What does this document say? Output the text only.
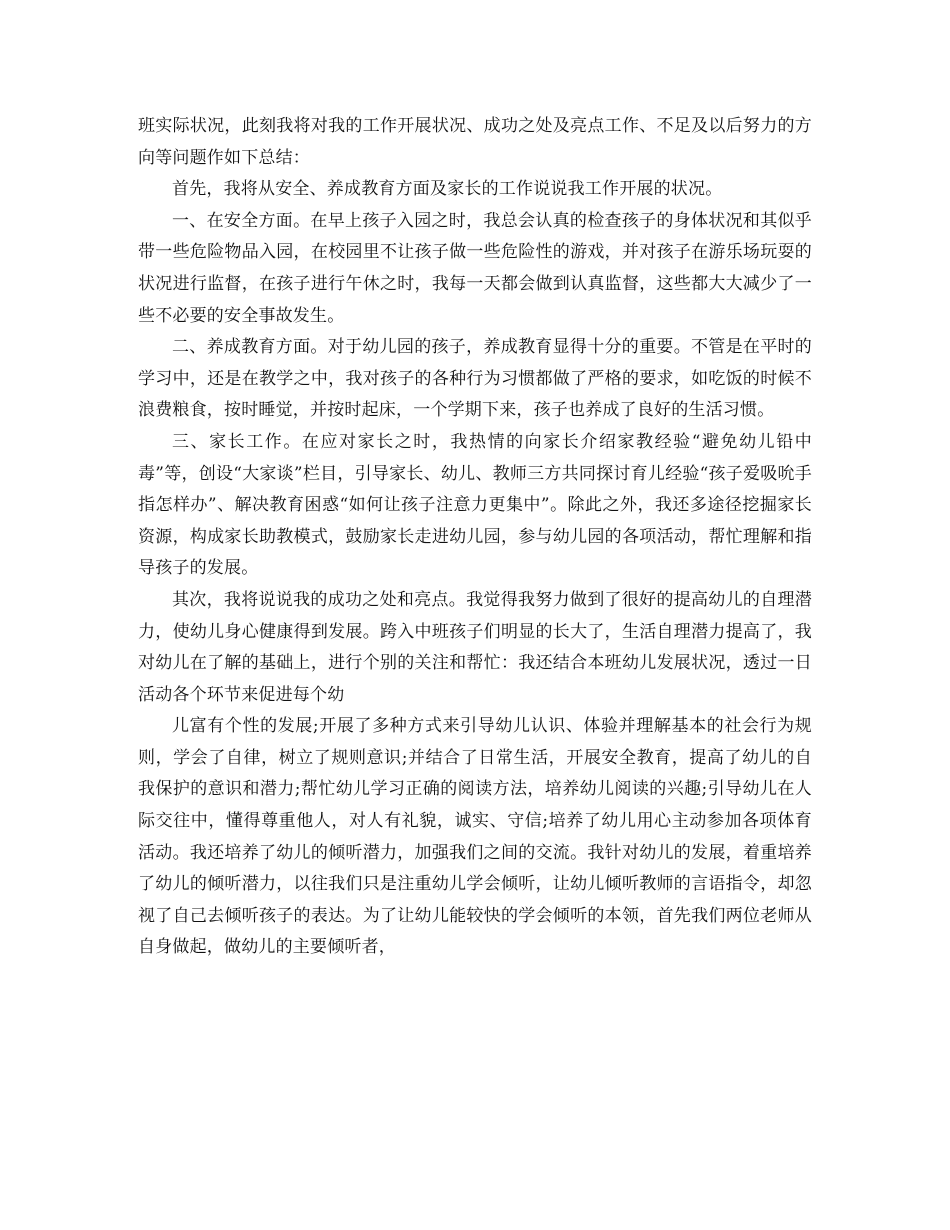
班实际状况，此刻我将对我的工作开展状况、成功之处及亮点工作、不足及以后努力的方向等问题作如下总结：

首先，我将从安全、养成教育方面及家长的工作说说我工作开展的状况。

一、在安全方面。在早上孩子入园之时，我总会认真的检查孩子的身体状况和其似乎带一些危险物品入园，在校园里不让孩子做一些危险性的游戏，并对孩子在游乐场玩耍的状况进行监督，在孩子进行午休之时，我每一天都会做到认真监督，这些都大大减少了一些不必要的安全事故发生。

二、养成教育方面。对于幼儿园的孩子，养成教育显得十分的重要。不管是在平时的学习中，还是在教学之中，我对孩子的各种行为习惯都做了严格的要求，如吃饭的时候不浪费粮食，按时睡觉，并按时起床，一个学期下来，孩子也养成了良好的生活习惯。

三、家长工作。在应对家长之时，我热情的向家长介绍家教经验“避免幼儿铅中毒”等，创设“大家谈”栏目，引导家长、幼儿、教师三方共同探讨育儿经验“孩子爱吸吮手指怎样办”、解决教育困惑“如何让孩子注意力更集中”。除此之外，我还多途径挖掘家长资源，构成家长助教模式，鼓励家长走进幼儿园，参与幼儿园的各项活动，帮忙理解和指导孩子的发展。

其次，我将说说我的成功之处和亮点。我觉得我努力做到了很好的提高幼儿的自理潜力，使幼儿身心健康得到发展。跨入中班孩子们明显的长大了，生活自理潜力提高了，我对幼儿在了解的基础上，进行个别的关注和帮忙：我还结合本班幼儿发展状况，透过一日活动各个环节来促进每个幼

儿富有个性的发展;开展了多种方式来引导幼儿认识、体验并理解基本的社会行为规则，学会了自律，树立了规则意识;并结合了日常生活，开展安全教育，提高了幼儿的自我保护的意识和潜力;帮忙幼儿学习正确的阅读方法，培养幼儿阅读的兴趣;引导幼儿在人际交往中，懂得尊重他人，对人有礼貌，诚实、守信;培养了幼儿用心主动参加各项体育活动。我还培养了幼儿的倾听潜力，加强我们之间的交流。我针对幼儿的发展，着重培养了幼儿的倾听潜力，以往我们只是注重幼儿学会倾听，让幼儿倾听教师的言语指令，却忽视了自己去倾听孩子的表达。为了让幼儿能较快的学会倾听的本领，首先我们两位老师从自身做起，做幼儿的主要倾听者，
